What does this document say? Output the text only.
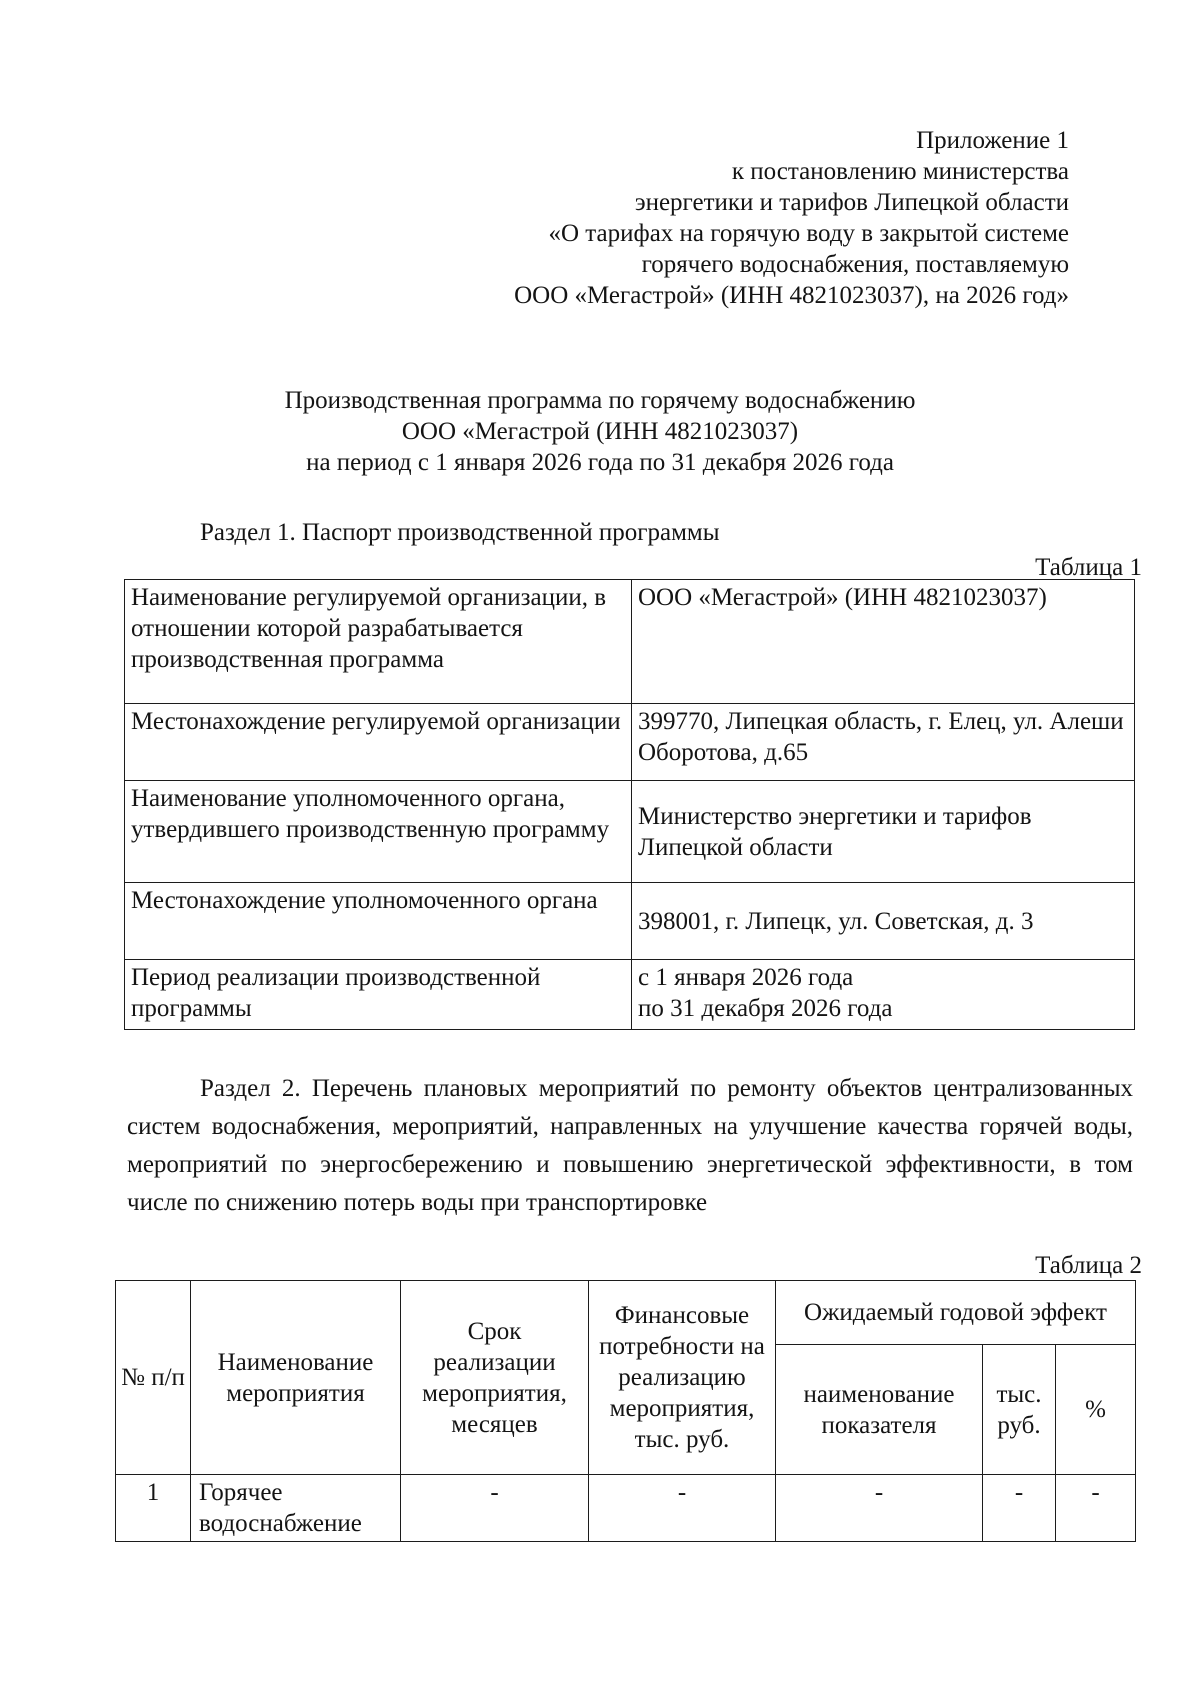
Приложение 1
к постановлению министерства
энергетики и тарифов Липецкой области
«О тарифах на горячую воду в закрытой системе
горячего водоснабжения, поставляемую
ООО «Мегастрой» (ИНН 4821023037), на 2026 год»
Производственная программа по горячему водоснабжению
ООО «Мегастрой (ИНН 4821023037)
на период с 1 января 2026 года по 31 декабря 2026 года
Раздел 1. Паспорт производственной программы
Таблица 1
Наименование регулируемой организации, в отношении которой разрабатывается производственная программа	ООО «Мегастрой» (ИНН 4821023037)
Местонахождение регулируемой организации	399770, Липецкая область, г. Елец, ул. Алеши Оборотова, д.65
Наименование уполномоченного органа, утвердившего производственную программу	Министерство энергетики и тарифов Липецкой области
Местонахождение уполномоченного органа	398001, г. Липецк, ул. Советская, д. 3
Период реализации производственной программы	с 1 января 2026 года
по 31 декабря 2026 года
Раздел 2. Перечень плановых мероприятий по ремонту объектов централизованных систем водоснабжения, мероприятий, направленных на улучшение качества горячей воды, мероприятий по энергосбережению и повышению энергетической эффективности, в том числе по снижению потерь воды при транспортировке
Таблица 2
№ п/п	Наименование мероприятия	Срок реализации мероприятия, месяцев	Финансовые потребности на реализацию мероприятия, тыс. руб.	Ожидаемый годовой эффект		
				наименование показателя	тыс. руб.	%
1	Горячее водоснабжение	-	-	-	-	-
